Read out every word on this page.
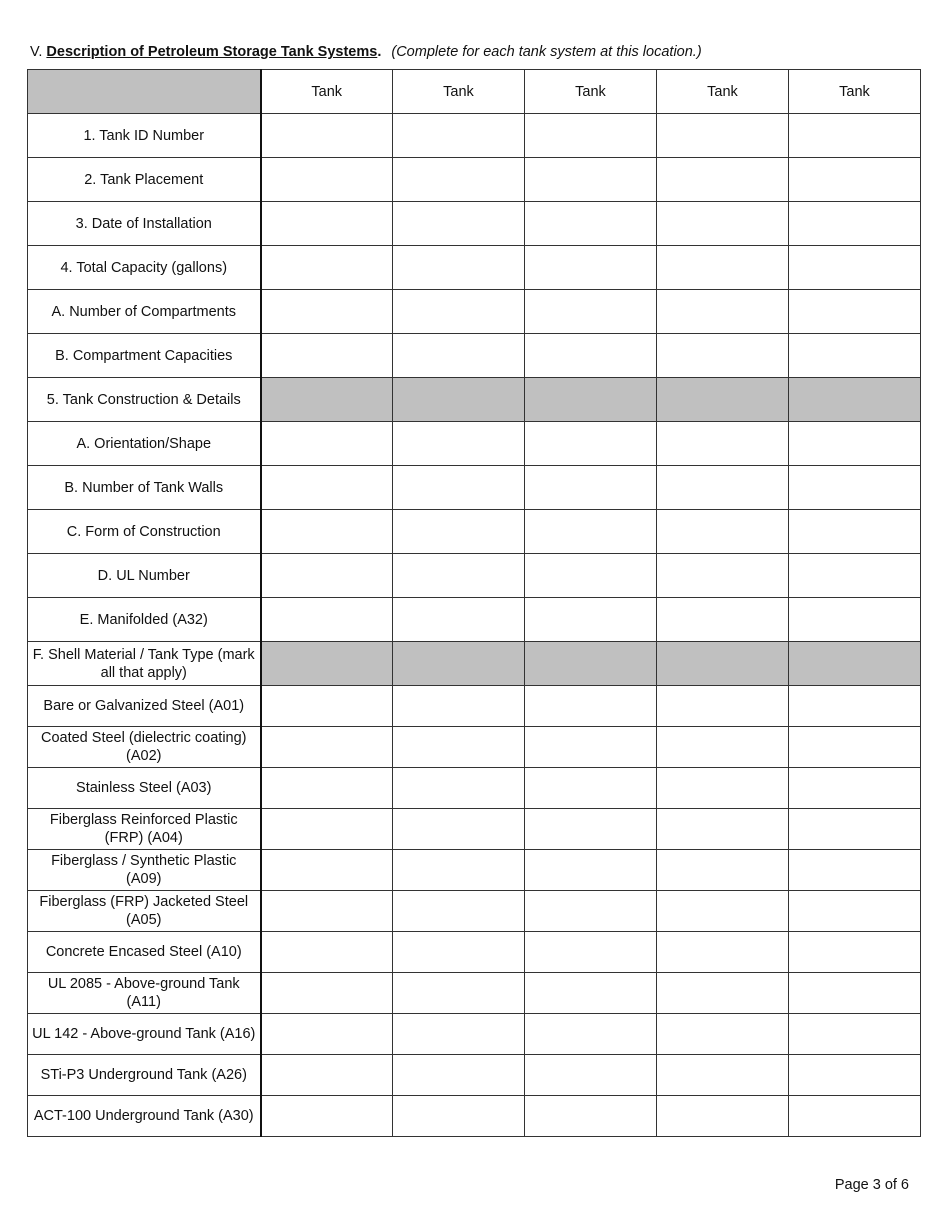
V. Description of Petroleum Storage Tank Systems. (Complete for each tank system at this location.)
	Tank	Tank	Tank	Tank	Tank
1. Tank ID Number					
2. Tank Placement					
3. Date of Installation					
4. Total Capacity (gallons)					
A. Number of Compartments					
B. Compartment Capacities					
5. Tank Construction & Details					
A. Orientation/Shape					
B. Number of Tank Walls					
C. Form of Construction					
D. UL Number					
E. Manifolded (A32)					
F. Shell Material / Tank Type (mark all that apply)					
Bare or Galvanized Steel (A01)					
Coated Steel (dielectric coating) (A02)					
Stainless Steel (A03)					
Fiberglass Reinforced Plastic (FRP) (A04)					
Fiberglass / Synthetic Plastic (A09)					
Fiberglass (FRP) Jacketed Steel (A05)					
Concrete Encased Steel (A10)					
UL 2085 - Above-ground Tank (A11)					
UL 142 - Above-ground Tank (A16)					
STi-P3 Underground Tank (A26)					
ACT-100 Underground Tank (A30)					
Page 3 of 6
